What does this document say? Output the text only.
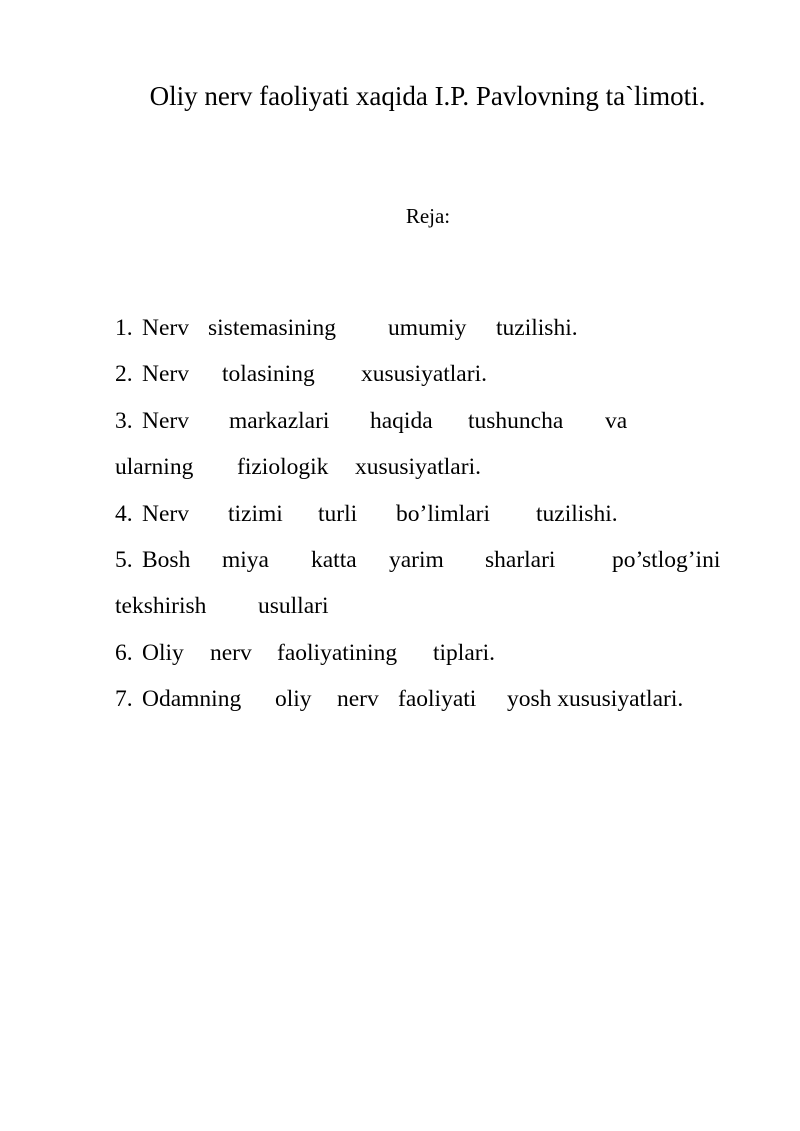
Oliy nerv faoliyati xaqida I.P. Pavlovning ta`limoti.
Reja:

1.

Nerv

sistemasining

umumiy

tuzilishi.

2.

Nerv

tolasining

xususiyatlari.

3.

Nerv

markazlari

haqida

tushuncha

va

ularning

fiziologik

xususiyatlari.

4.

Nerv

tizimi

turli

bo’limlari

tuzilishi.

5.

Bosh

miya

katta

yarim

sharlari

po’stlog’ini

tekshirish

usullari

6.

Oliy

nerv

faoliyatining

tiplari.

7.

Odamning

oliy

nerv

faoliyati

yosh xususiyatlari.
